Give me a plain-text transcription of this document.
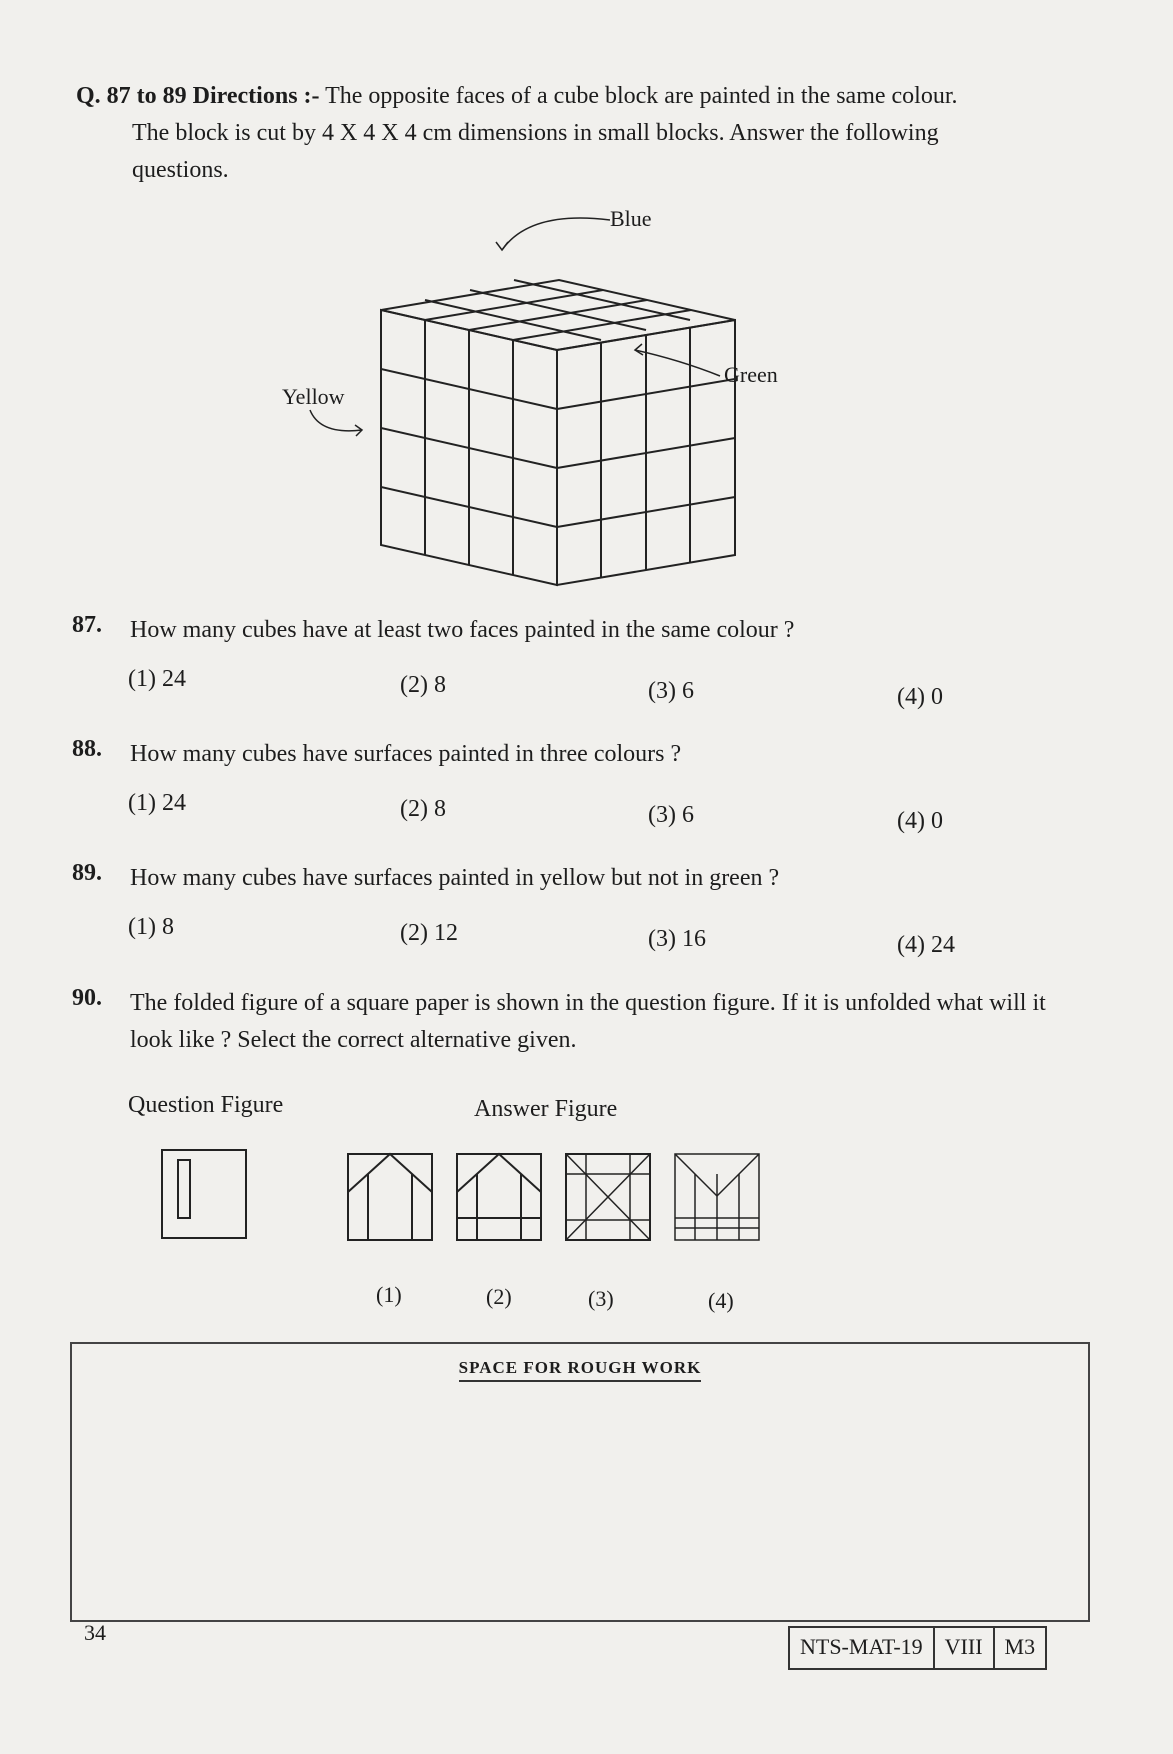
Q. 87 to 89 Directions :- The opposite faces of a cube block are painted in the same colour.
The block is cut by 4 X 4 X 4 cm dimensions in small blocks. Answer the following
questions.
Blue
Green
Yellow
87. How many cubes have at least two faces painted in the same colour ?
(1) 24	(2) 8	(3) 6	(4) 0
88. How many cubes have surfaces painted in three colours ?
(1) 24	(2) 8	(3) 6	(4) 0
89. How many cubes have surfaces painted in yellow but not in green ?
(1) 8	(2) 12	(3) 16	(4) 24
90. The folded figure of a square paper is shown in the question figure. If it is unfolded what will it look like ? Select the correct alternative given.
Question Figure	Answer Figure
(1)	(2)	(3)	(4)
SPACE FOR ROUGH WORK
34
NTS-MAT-19	VIII	M3
